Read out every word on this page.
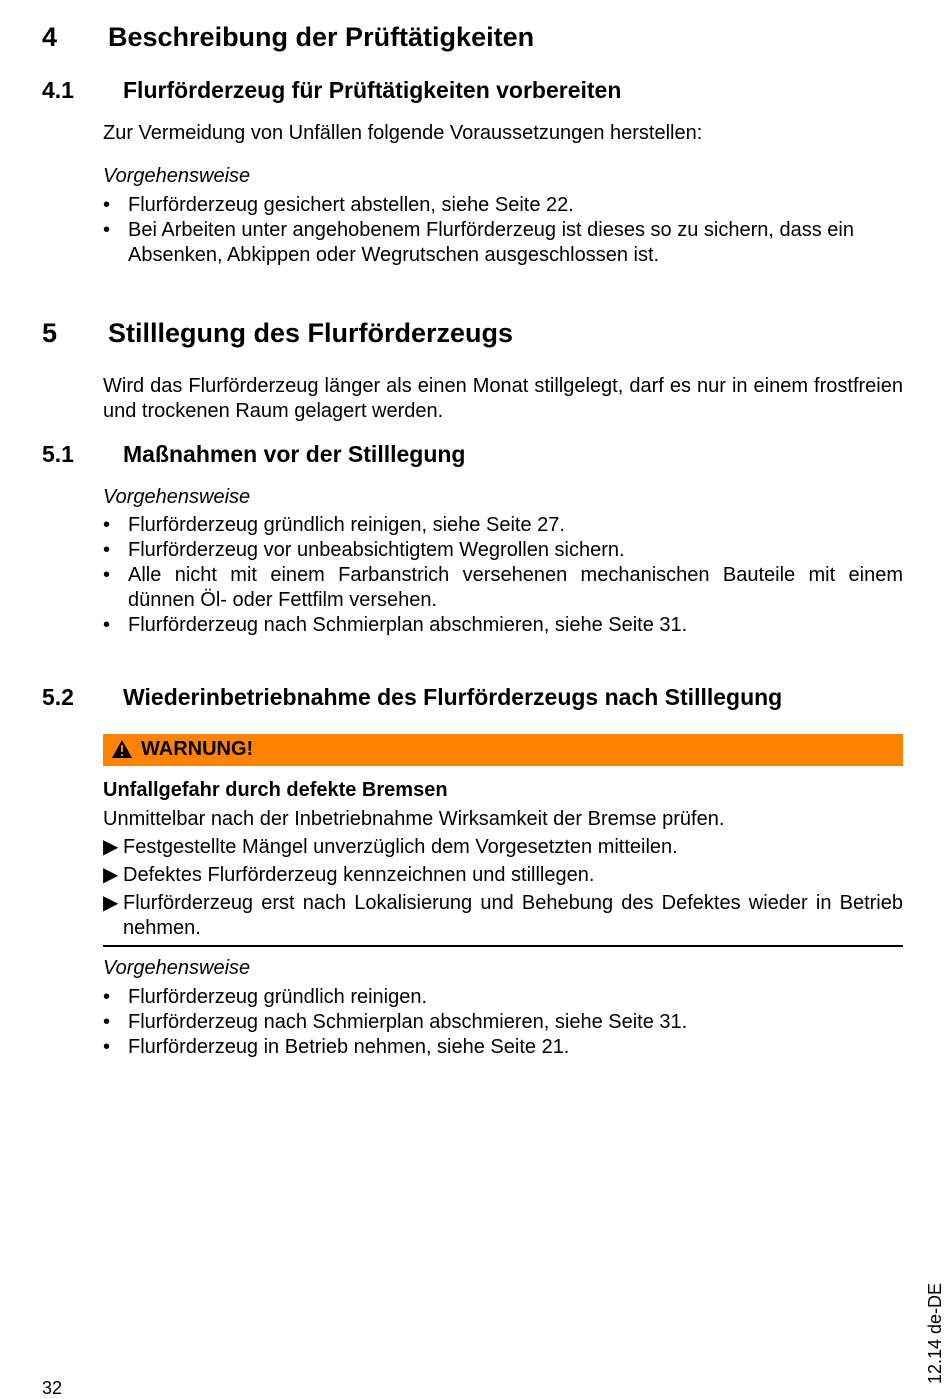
4 Beschreibung der Prüftätigkeiten
4.1 Flurförderzeug für Prüftätigkeiten vorbereiten
Zur Vermeidung von Unfällen folgende Voraussetzungen herstellen:
Vorgehensweise
• Flurförderzeug gesichert abstellen, siehe Seite 22.
• Bei Arbeiten unter angehobenem Flurförderzeug ist dieses so zu sichern, dass ein Absenken, Abkippen oder Wegrutschen ausgeschlossen ist.
5 Stilllegung des Flurförderzeugs
Wird das Flurförderzeug länger als einen Monat stillgelegt, darf es nur in einem frostfreien und trockenen Raum gelagert werden.
5.1 Maßnahmen vor der Stilllegung
Vorgehensweise
• Flurförderzeug gründlich reinigen, siehe Seite 27.
• Flurförderzeug vor unbeabsichtigtem Wegrollen sichern.
• Alle nicht mit einem Farbanstrich versehenen mechanischen Bauteile mit einem dünnen Öl- oder Fettfilm versehen.
• Flurförderzeug nach Schmierplan abschmieren, siehe Seite 31.
5.2 Wiederinbetriebnahme des Flurförderzeugs nach Stilllegung
WARNUNG!
Unfallgefahr durch defekte Bremsen
Unmittelbar nach der Inbetriebnahme Wirksamkeit der Bremse prüfen.
▶ Festgestellte Mängel unverzüglich dem Vorgesetzten mitteilen.
▶ Defektes Flurförderzeug kennzeichnen und stilllegen.
▶ Flurförderzeug erst nach Lokalisierung und Behebung des Defektes wieder in Betrieb nehmen.
Vorgehensweise
• Flurförderzeug gründlich reinigen.
• Flurförderzeug nach Schmierplan abschmieren, siehe Seite 31.
• Flurförderzeug in Betrieb nehmen, siehe Seite 21.
12.14 de-DE
32
